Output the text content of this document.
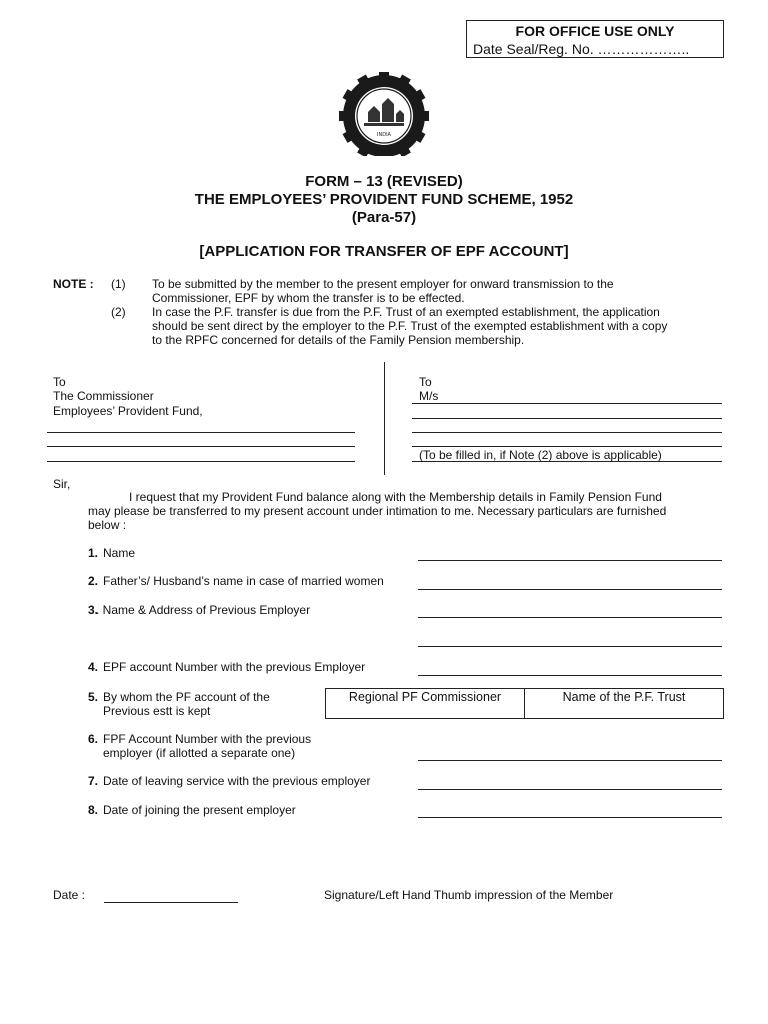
FOR OFFICE USE ONLY
Date Seal/Reg. No. ………………..
INDIA
FORM – 13 (REVISED)
THE EMPLOYEES’ PROVIDENT FUND SCHEME, 1952
(Para-57)
[APPLICATION FOR TRANSFER OF EPF ACCOUNT]
NOTE : (1) To be submitted by the member to the present employer for onward transmission to the
Commissioner, EPF by whom the transfer is to be effected.
(2) In case the P.F. transfer is due from the P.F. Trust of an exempted establishment, the application
should be sent direct by the employer to the P.F. Trust of the exempted establishment with a copy
to the RPFC concerned for details of the Family Pension membership.
To
The Commissioner
Employees’ Provident Fund,
To
M/s
(To be filled in, if Note (2) above is applicable)
Sir,
I request that my Provident Fund balance along with the Membership details in Family Pension Fund
may please be transferred to my present account under intimation to me. Necessary particulars are furnished
below :
1. Name
2. Father’s/ Husband’s name in case of married women
3.
. Name & Address of Previous Employer
4. EPF account Number with the previous Employer
5. By whom the PF account of the
Previous estt is kept
Regional PF Commissioner	Name of the P.F. Trust
6. FPF Account Number with the previous
employer (if allotted a separate one)
7. Date of leaving service with the previous employer
8. Date of joining the present employer
Date :	Signature/Left Hand Thumb impression of the Member
